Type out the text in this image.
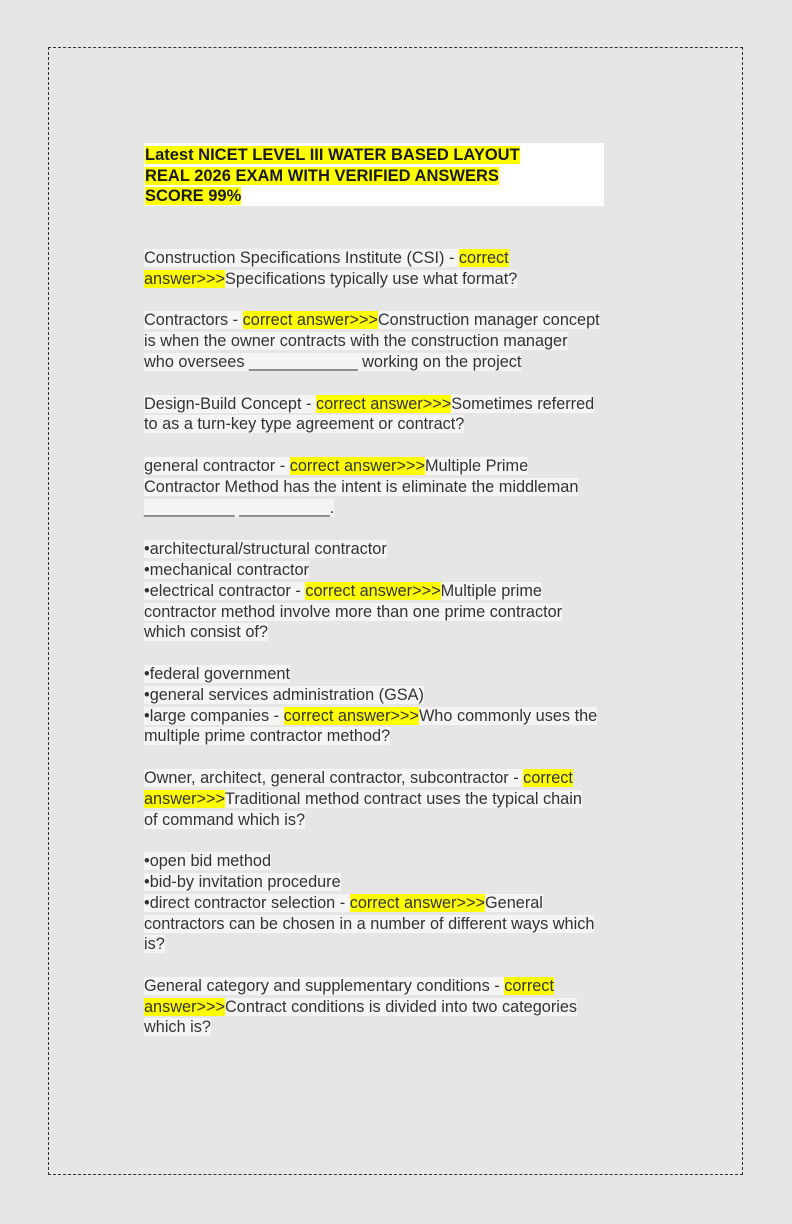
Latest NICET LEVEL III WATER BASED LAYOUT
REAL 2026 EXAM WITH VERIFIED ANSWERS
SCORE 99%
Construction Specifications Institute (CSI) - correct
answer>>>Specifications typically use what format?
Contractors - correct answer>>>Construction manager concept
is when the owner contracts with the construction manager
who oversees ____________ working on the project
Design-Build Concept - correct answer>>>Sometimes referred
to as a turn-key type agreement or contract?
general contractor - correct answer>>>Multiple Prime
Contractor Method has the intent is eliminate the middleman
__________ __________.
•architectural/structural contractor
•mechanical contractor
•electrical contractor - correct answer>>>Multiple prime
contractor method involve more than one prime contractor
which consist of?
•federal government
•general services administration (GSA)
•large companies - correct answer>>>Who commonly uses the
multiple prime contractor method?
Owner, architect, general contractor, subcontractor - correct
answer>>>Traditional method contract uses the typical chain
of command which is?
•open bid method
•bid-by invitation procedure
•direct contractor selection - correct answer>>>General
contractors can be chosen in a number of different ways which
is?
General category and supplementary conditions - correct
answer>>>Contract conditions is divided into two categories
which is?
